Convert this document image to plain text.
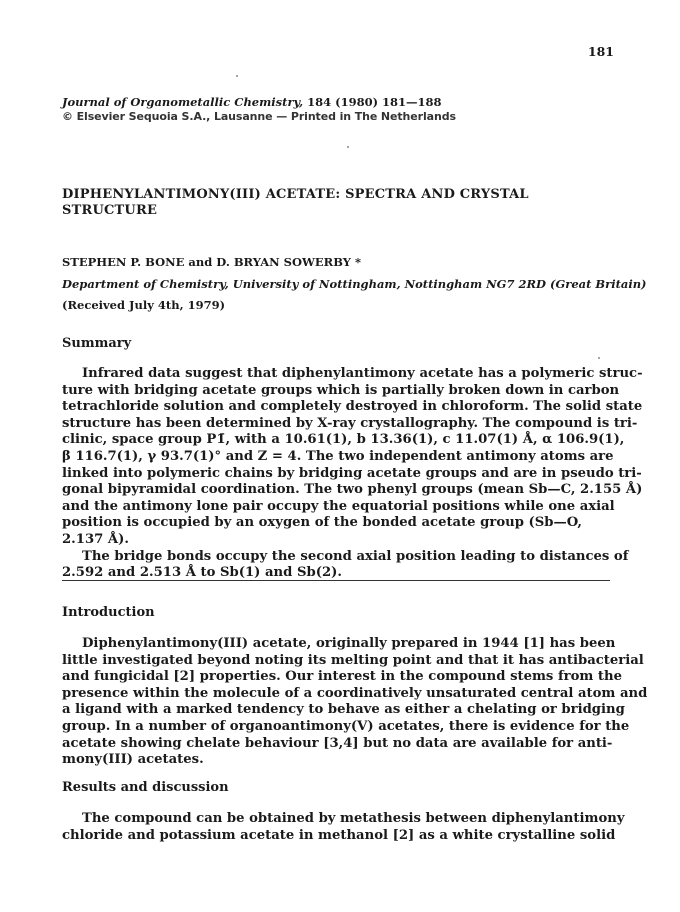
181
Journal of Organometallic Chemistry, 184 (1980) 181—188
© Elsevier Sequoia S.A., Lausanne — Printed in The Netherlands
DIPHENYLANTIMONY(III) ACETATE: SPECTRA AND CRYSTAL
STRUCTURE
STEPHEN P. BONE and D. BRYAN SOWERBY *
Department of Chemistry, University of Nottingham, Nottingham NG7 2RD (Great Britain)
(Received July 4th, 1979)
Summary
Infrared data suggest that diphenylantimony acetate has a polymeric struc-
ture with bridging acetate groups which is partially broken down in carbon
tetrachloride solution and completely destroyed in chloroform. The solid state
structure has been determined by X-ray crystallography. The compound is tri-
clinic, space group P1̄, with a 10.61(1), b 13.36(1), c 11.07(1) Å, α 106.9(1),
β 116.7(1), γ 93.7(1)° and Z = 4. The two independent antimony atoms are
linked into polymeric chains by bridging acetate groups and are in pseudo tri-
gonal bipyramidal coordination. The two phenyl groups (mean Sb—C, 2.155 Å)
and the antimony lone pair occupy the equatorial positions while one axial
position is occupied by an oxygen of the bonded acetate group (Sb—O,
2.137 Å).
The bridge bonds occupy the second axial position leading to distances of
2.592 and 2.513 Å to Sb(1) and Sb(2).
Introduction
Diphenylantimony(III) acetate, originally prepared in 1944 [1] has been
little investigated beyond noting its melting point and that it has antibacterial
and fungicidal [2] properties. Our interest in the compound stems from the
presence within the molecule of a coordinatively unsaturated central atom and
a ligand with a marked tendency to behave as either a chelating or bridging
group. In a number of organoantimony(V) acetates, there is evidence for the
acetate showing chelate behaviour [3,4] but no data are available for anti-
mony(III) acetates.
Results and discussion
The compound can be obtained by metathesis between diphenylantimony
chloride and potassium acetate in methanol [2] as a white crystalline solid
